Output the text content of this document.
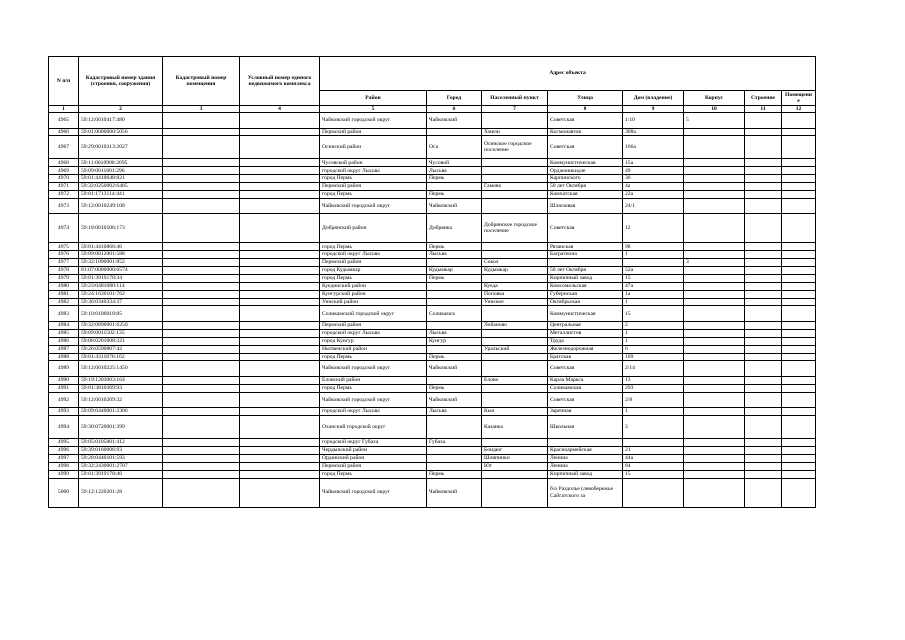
N п/п	Кадастровый номер здания (строения, сооружения)	Кадастровый номер помещения	Условный номер единого недвижимого комплекса	Адрес объекта							
				Район	Город	Населенный пункт	Улица	Дом (владение)	Корпус	Строение	Помещение
1	2	3	4	5	6	7	8	9	10	11	12
4965	59:12:0010417:480			Чайковский городской округ	Чайковский		Советская	1/10	5		
4966	59:01:0000000:5056			Пермский район		Хмели	Космонавтов	308а			
4967	59:29:0010213:2027			Осинский район	Оса	Осинское городское поселение	Советская	166а			
4968	59:11:0010908:2695			Чусовской район	Чусовой		Коммунистическая	15а			
4969	59:09:0011801:296			городской округ Лысьва	Лысьва		Орджоникидзе	49			
4970	59:01:4410648:821			город Пермь	Пермь		Карпинского	36			
4971	59:32:0250002:6485			Пермский район		Гамово	50 лет Октября	4а			
4972	59:01:1713114:441			город Пермь	Пермь		Камчатская	22а			
4973	59:12:0010249:108			Чайковский городской округ	Чайковский		Шлюзовая	24/1			
4974	59:18:0010506:173			Добрянский район	Добрянка	Добрянское городское поселение	Советская	12			
4975	59:01:4410866:46			город Пермь	Пермь		Рязанская	98			
4976	59:09:0012001:588			городской округ Лысьва	Лысьва		Багратиона	1			
4977	59:32:1090001:852			Пермский район		Сокол			3		
4978	81:07:0000000:6574			город Кудымкар	Кудымкар	Кудымкар	50 лет Октября	52а			
4979	59:01:3919178:34			город Пермь	Пермь		Кирпичный завод	15			
4980	59:23:0481080:114			Куединский район		Куеда	Комсомольская	47а			
4981	59:24:1630101:762			Кунгурский район		Поповка	Губернская	1а			
4982	59:36:0340334:37			Уинский район		Уинское	Октябрьская	1			
4983	59:10:0106018:85			Соликамский городской округ	Соликамск		Коммунистическая	15			
4984	59:32:0890001:6250			Пермский район		Лобаново	Центральная	2			
4985	59:09:0011502:135			городской округ Лысьва	Лысьва		Металлистов	1			
4986	59:08:0201008:321			город Кунгур	Кунгур		Труда	1			
4987	59:26:0590807:42			Нытвенский район		Уральский	Железнодорожная	6			
4988	59:01:4311876:162			город Пермь	Пермь		Братская	169			
4989	59:12:0010225:1450			Чайковский городской округ	Чайковский		Советская	2/14			
4990	59:19:1203003:164			Еловский район		Елово	Карла Маркса	13			
4991	59:01:3810369:93			город Пермь	Пермь		Соликамская	293			
4992	59:12:0010209:32			Чайковский городской округ	Чайковский		Советская	2/8			
4993	59:09:0440001:2306			городской округ Лысьва	Лысьва	Кын	Заречная	1			
4994	59:30:0720001:399			Оханский городской округ		Казанка	Школьная	3			
4995	59:05:0105001:412			городской округ Губаха	Губаха						
4996	59:39:0160006:93			Чердынский район		Бондюг	Красноармейская	21			
4997	59:28:0440101:593			Ординский район		Шляпники	Ленина	44а			
4998	59:32:2430001:2707			Пермский район		Юг	Ленина	84			
4999	59:01:3919178:46			город Пермь	Пермь		Кирпичный завод	15			
5000	59:12:1220201:28			Чайковский городской округ	Чайковский		б/о Раздолье (левобережье Сайгатского за				
